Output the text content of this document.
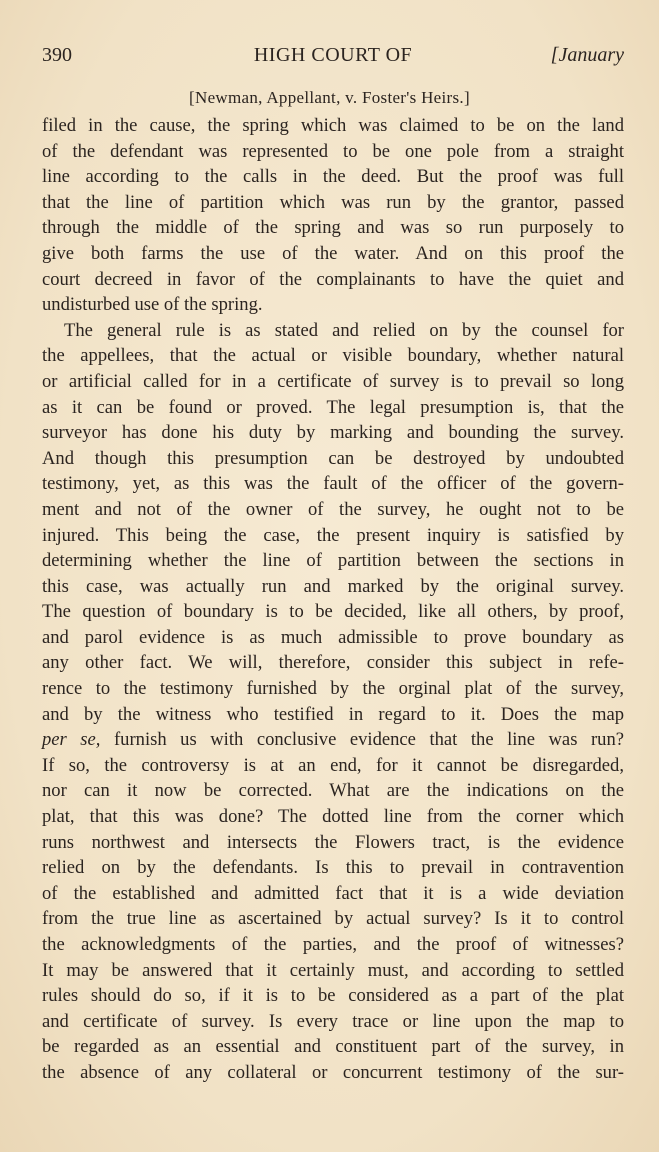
390	HIGH COURT OF	[January
[Newman, Appellant, v. Foster's Heirs.]
filed in the cause, the spring which was claimed to be on the land
of the defendant was represented to be one pole from a straight
line according to the calls in the deed. But the proof was full
that the line of partition which was run by the grantor, passed
through the middle of the spring and was so run purposely to
give both farms the use of the water. And on this proof the
court decreed in favor of the complainants to have the quiet and
undisturbed use of the spring.
The general rule is as stated and relied on by the counsel for
the appellees, that the actual or visible boundary, whether natural
or artificial called for in a certificate of survey is to prevail so long
as it can be found or proved. The legal presumption is, that the
surveyor has done his duty by marking and bounding the survey.
And though this presumption can be destroyed by undoubted
testimony, yet, as this was the fault of the officer of the govern-
ment and not of the owner of the survey, he ought not to be
injured. This being the case, the present inquiry is satisfied by
determining whether the line of partition between the sections in
this case, was actually run and marked by the original survey.
The question of boundary is to be decided, like all others, by proof,
and parol evidence is as much admissible to prove boundary as
any other fact. We will, therefore, consider this subject in refe-
rence to the testimony furnished by the orginal plat of the survey,
and by the witness who testified in regard to it. Does the map
per se, furnish us with conclusive evidence that the line was run?
If so, the controversy is at an end, for it cannot be disregarded,
nor can it now be corrected. What are the indications on the
plat, that this was done? The dotted line from the corner which
runs northwest and intersects the Flowers tract, is the evidence
relied on by the defendants. Is this to prevail in contravention
of the established and admitted fact that it is a wide deviation
from the true line as ascertained by actual survey? Is it to control
the acknowledgments of the parties, and the proof of witnesses?
It may be answered that it certainly must, and according to settled
rules should do so, if it is to be considered as a part of the plat
and certificate of survey. Is every trace or line upon the map to
be regarded as an essential and constituent part of the survey, in
the absence of any collateral or concurrent testimony of the sur-
